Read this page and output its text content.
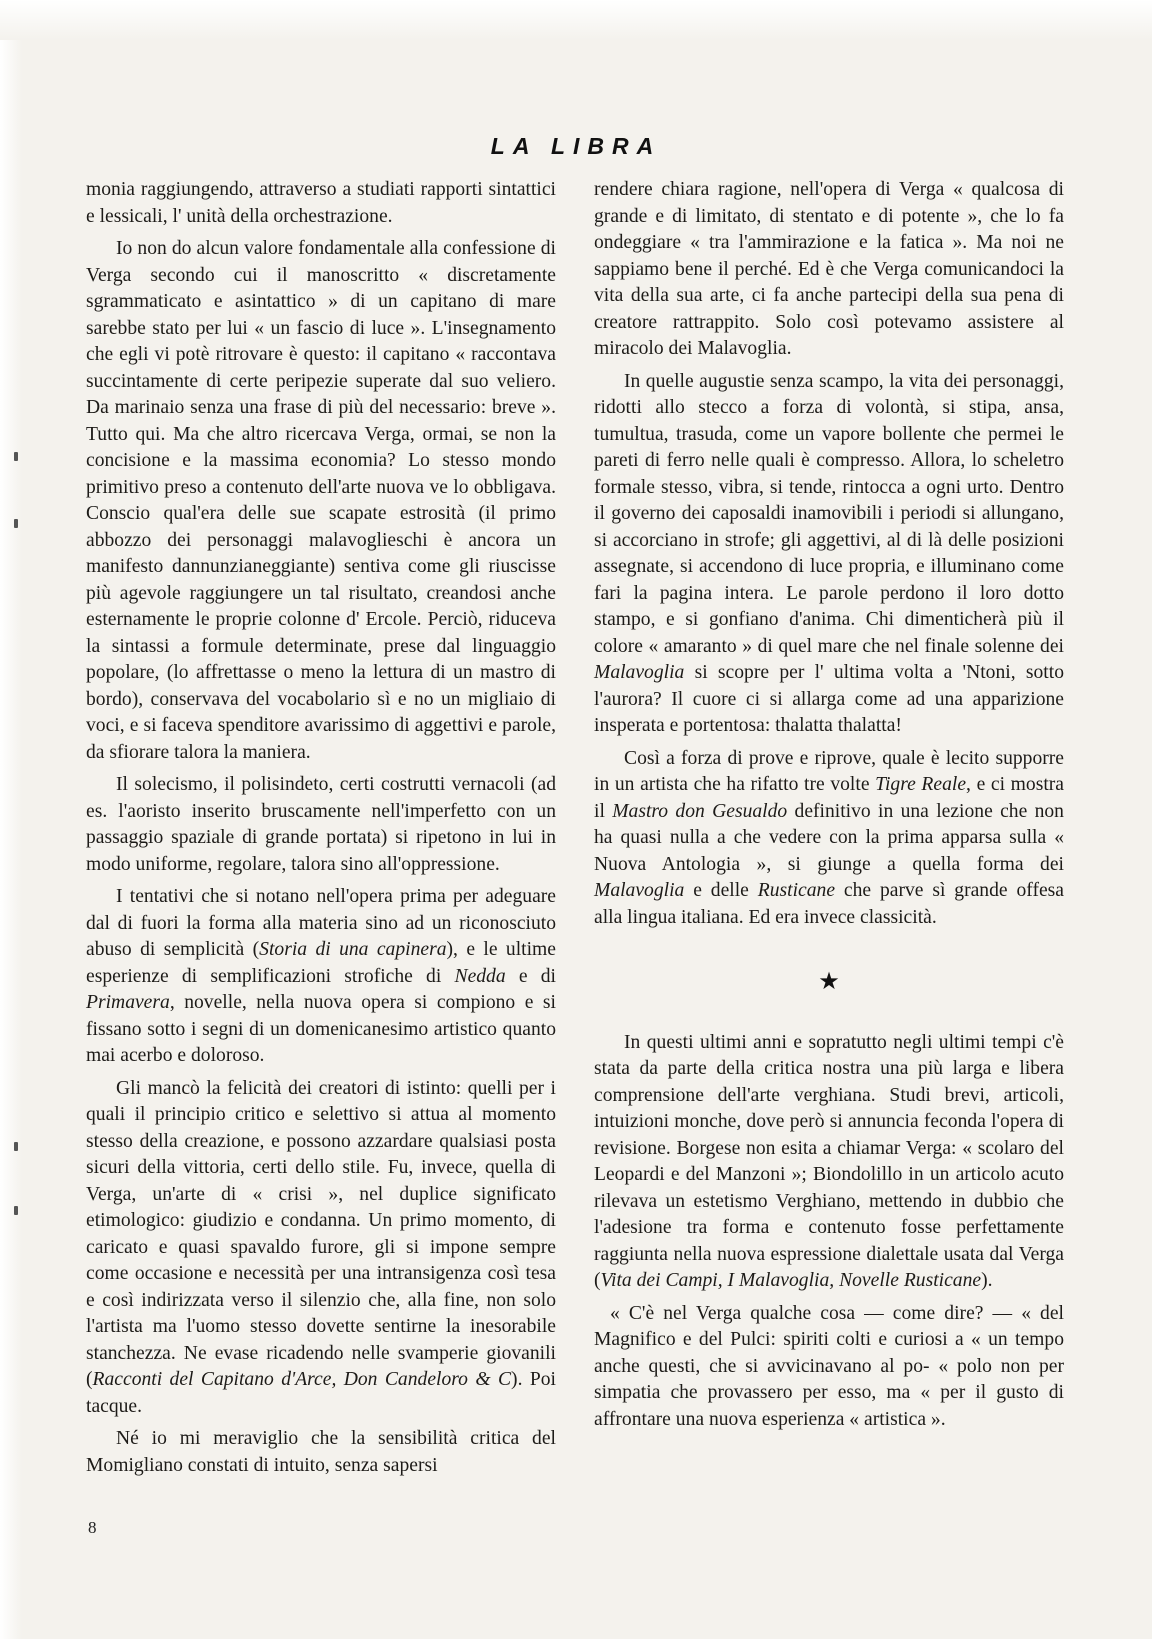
LA LIBRA

monia raggiungendo, attraverso a studiati rapporti sintattici e lessicali, l' unità della orchestrazione.

Io non do alcun valore fondamentale alla confessione di Verga secondo cui il manoscritto « discretamente sgrammaticato e asintattico » di un capitano di mare sarebbe stato per lui « un fascio di luce ». L'insegnamento che egli vi potè ritrovare è questo: il capitano « raccontava succintamente di certe peripezie superate dal suo veliero. Da marinaio senza una frase di più del necessario: breve ». Tutto qui. Ma che altro ricercava Verga, ormai, se non la concisione e la massima economia? Lo stesso mondo primitivo preso a contenuto dell'arte nuova ve lo obbligava. Conscio qual'era delle sue scapate estrosità (il primo abbozzo dei personaggi malavoglieschi è ancora un manifesto dannunzianeggiante) sentiva come gli riuscisse più agevole raggiungere un tal risultato, creandosi anche esternamente le proprie colonne d' Ercole. Perciò, riduceva la sintassi a formule determinate, prese dal linguaggio popolare, (lo affrettasse o meno la lettura di un mastro di bordo), conservava del vocabolario sì e no un migliaio di voci, e si faceva spenditore avarissimo di aggettivi e parole, da sfiorare talora la maniera.

Il solecismo, il polisindeto, certi costrutti vernacoli (ad es. l'aoristo inserito bruscamente nell'imperfetto con un passaggio spaziale di grande portata) si ripetono in lui in modo uniforme, regolare, talora sino all'oppressione.

I tentativi che si notano nell'opera prima per adeguare dal di fuori la forma alla materia sino ad un riconosciuto abuso di semplicità (Storia di una capinera), e le ultime esperienze di semplificazioni strofiche di Nedda e di Primavera, novelle, nella nuova opera si compiono e si fissano sotto i segni di un domenicanesimo artistico quanto mai acerbo e doloroso.

Gli mancò la felicità dei creatori di istinto: quelli per i quali il principio critico e selettivo si attua al momento stesso della creazione, e possono azzardare qualsiasi posta sicuri della vittoria, certi dello stile. Fu, invece, quella di Verga, un'arte di « crisi », nel duplice significato etimologico: giudizio e condanna. Un primo momento, di caricato e quasi spavaldo furore, gli si impone sempre come occasione e necessità per una intransigenza così tesa e così indirizzata verso il silenzio che, alla fine, non solo l'artista ma l'uomo stesso dovette sentirne la inesorabile stanchezza. Ne evase ricadendo nelle svamperie giovanili (Racconti del Capitano d'Arce, Don Candeloro & C). Poi tacque.

Né io mi meraviglio che la sensibilità critica del Momigliano constati di intuito, senza sapersi

rendere chiara ragione, nell'opera di Verga « qualcosa di grande e di limitato, di stentato e di potente », che lo fa ondeggiare « tra l'ammirazione e la fatica ». Ma noi ne sappiamo bene il perché. Ed è che Verga comunicandoci la vita della sua arte, ci fa anche partecipi della sua pena di creatore rattrappito. Solo così potevamo assistere al miracolo dei Malavoglia.

In quelle augustie senza scampo, la vita dei personaggi, ridotti allo stecco a forza di volontà, si stipa, ansa, tumultua, trasuda, come un vapore bollente che permei le pareti di ferro nelle quali è compresso. Allora, lo scheletro formale stesso, vibra, si tende, rintocca a ogni urto. Dentro il governo dei caposaldi inamovibili i periodi si allungano, si accorciano in strofe; gli aggettivi, al di là delle posizioni assegnate, si accendono di luce propria, e illuminano come fari la pagina intera. Le parole perdono il loro dotto stampo, e si gonfiano d'anima. Chi dimenticherà più il colore « amaranto » di quel mare che nel finale solenne dei Malavoglia si scopre per l' ultima volta a 'Ntoni, sotto l'aurora? Il cuore ci si allarga come ad una apparizione insperata e portentosa: thalatta thalatta!

Così a forza di prove e riprove, quale è lecito supporre in un artista che ha rifatto tre volte Tigre Reale, e ci mostra il Mastro don Gesualdo definitivo in una lezione che non ha quasi nulla a che vedere con la prima apparsa sulla « Nuova Antologia », si giunge a quella forma dei Malavoglia e delle Rusticane che parve sì grande offesa alla lingua italiana. Ed era invece classicità.

★

In questi ultimi anni e sopratutto negli ultimi tempi c'è stata da parte della critica nostra una più larga e libera comprensione dell'arte verghiana. Studi brevi, articoli, intuizioni monche, dove però si annuncia feconda l'opera di revisione. Borgese non esita a chiamar Verga: « scolaro del Leopardi e del Manzoni »; Biondolillo in un articolo acuto rilevava un estetismo Verghiano, mettendo in dubbio che l'adesione tra forma e contenuto fosse perfettamente raggiunta nella nuova espressione dialettale usata dal Verga (Vita dei Campi, I Malavoglia, Novelle Rusticane).

« C'è nel Verga qualche cosa — come dire? — « del Magnifico e del Pulci: spiriti colti e curiosi a « un tempo anche questi, che si avvicinavano al po- « polo non per simpatia che provassero per esso, ma « per il gusto di affrontare una nuova esperienza « artistica ».

8
